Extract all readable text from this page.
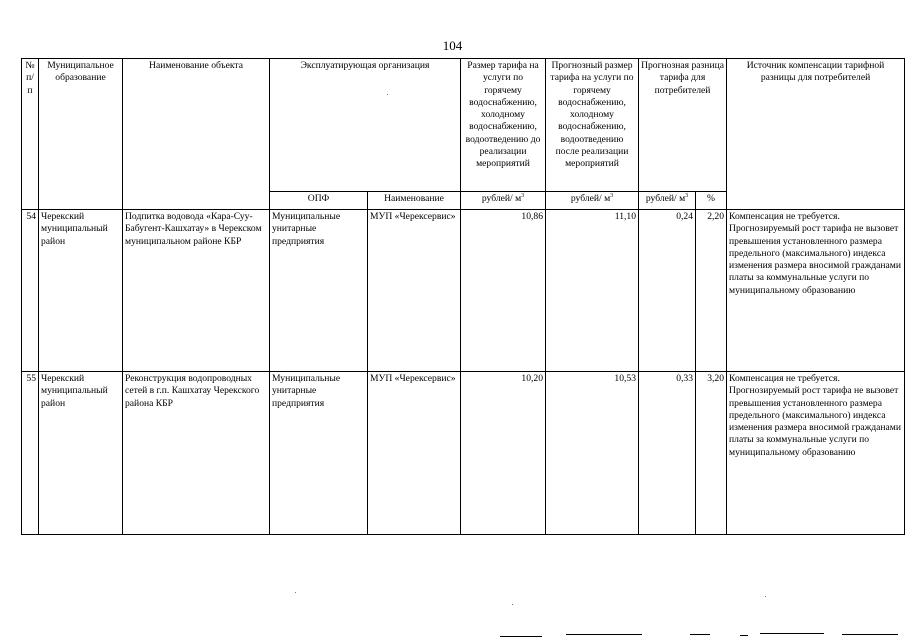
104
№ п/п	Муниципальное образование	Наименование объекта	Эксплуатирующая организация		Размер тарифа на услуги по горячему водоснабжению, холодному водоснабжению, водоотведению до реализации мероприятий	Прогнозный размер тарифа на услуги по горячему водоснабжению, холодному водоснабжению, водоотведению после реализации мероприятий	Прогнозная разница тарифа для потребителей		Источник компенсации тарифной разницы для потребителей
			ОПФ	Наименование	рублей/ $м^3$	рублей/ $м^3$	рублей/ $м^3$	%	
54	Черекский муниципальный район	Подпитка водовода «Кара-Суу-Бабугент-Кашхатау» в Черекском муниципальном районе КБР	Муниципальные унитарные предприятия	МУП «Черексервис»	10,86	11,10	0,24	2,20	Компенсация не требуется. Прогнозируемый рост тарифа не вызовет превышения установленного размера предельного (максимального) индекса изменения размера вносимой гражданами платы за коммунальные услуги по муниципальному образованию
55	Черекский муниципальный район	Реконструкция водопроводных сетей в г.п. Кашхатау Черекского района КБР	Муниципальные унитарные предприятия	МУП «Черексервис»	10,20	10,53	0,33	3,20	Компенсация не требуется. Прогнозируемый рост тарифа не вызовет превышения установленного размера предельного (максимального) индекса изменения размера вносимой гражданами платы за коммунальные услуги по муниципальному образованию
